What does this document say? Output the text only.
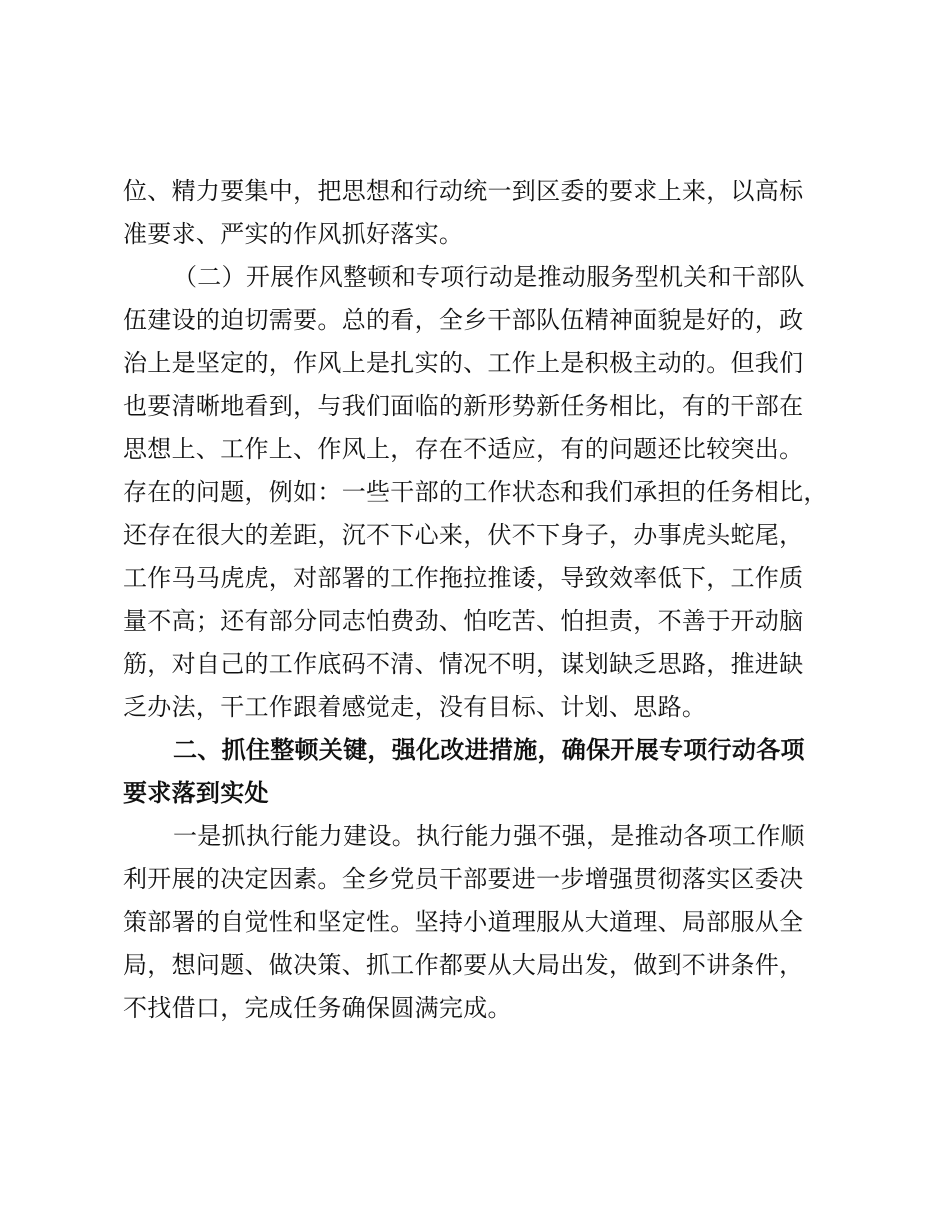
位、精力要集中，把思想和行动统一到区委的要求上来，以高标
准要求、严实的作风抓好落实。
（二）开展作风整顿和专项行动是推动服务型机关和干部队
伍建设的迫切需要。总的看，全乡干部队伍精神面貌是好的，政
治上是坚定的，作风上是扎实的、工作上是积极主动的。但我们
也要清晰地看到，与我们面临的新形势新任务相比，有的干部在
思想上、工作上、作风上，存在不适应，有的问题还比较突出。
存在的问题，例如：一些干部的工作状态和我们承担的任务相比，
还存在很大的差距，沉不下心来，伏不下身子，办事虎头蛇尾，
工作马马虎虎，对部署的工作拖拉推诿，导致效率低下，工作质
量不高；还有部分同志怕费劲、怕吃苦、怕担责，不善于开动脑
筋，对自己的工作底码不清、情况不明，谋划缺乏思路，推进缺
乏办法，干工作跟着感觉走，没有目标、计划、思路。
二、抓住整顿关键，强化改进措施，确保开展专项行动各项
要求落到实处
一是抓执行能力建设。执行能力强不强，是推动各项工作顺
利开展的决定因素。全乡党员干部要进一步增强贯彻落实区委决
策部署的自觉性和坚定性。坚持小道理服从大道理、局部服从全
局，想问题、做决策、抓工作都要从大局出发，做到不讲条件，
不找借口，完成任务确保圆满完成。
